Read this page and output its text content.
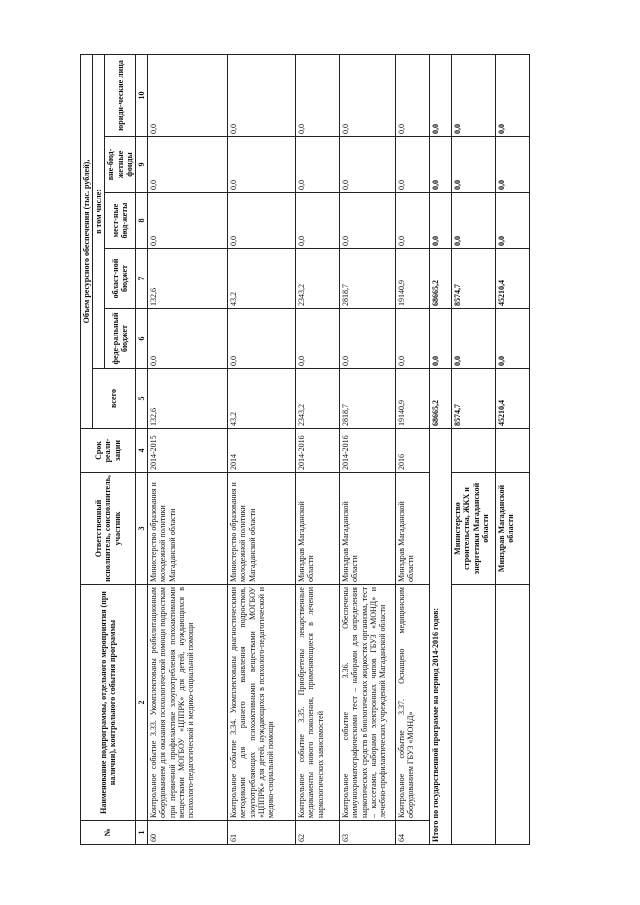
№	Наименование подпрограммы, отдельного мероприятия (при наличии), контрольного события программы	Ответственный исполнитель, соисполнитель, участник	Срок реали-зации	Объем ресурсного обеспечения (тыс. рублей),					
				всего	в том числе:				
					феде-ральный бюджет	област-ной бюджет	мест-ные бюд-жеты	вне-бюд-жетные фонды	юриди-ческие лица
1	2	3	4	5	6	7	8	9	10
60	Контрольное событие 3.33. Укомплектованы реабилитационным оборудованием для оказания психологической помощи подросткам при первичной профилактике злоупотребления психоактивными веществами МОГБОУ «ЦППРК» для детей, нуждающихся в психолого-педагогической и медико-социальной помощи	Министерство образования и молодежной политики Магаданской области	2014-2015	132,6	0,0	132,6	0,0	0,0	0,0
61	Контрольное событие 3.34. Укомплектованы диагностическими методиками для раннего выявления подростков, злоупотребляющих психоактивными веществами МОГБОУ «ЦППРК» для детей, нуждающихся в психолого-педагогической и медико-социальной помощи	Министерство образования и молодежной политики Магаданской области	2014	43,2	0,0	43,2	0,0	0,0	0,0
62	Контрольное событие 3.35. Приобретены лекарственные медикаменты нового поколения, применяющиеся в лечении наркологических зависимостей	Минздрав Магаданской области	2014-2016	2343,2	0,0	2343,2	0,0	0,0	0,0
63	Контрольное событие 3.36. Обеспечены иммунохроматографическими тест – наборами для определения наркотических средств в биологических жидкостях организма, тест – кассетами, наборами электронных чипов ГБУЗ «МОНД» и лечебно-профилактических учреждений Магаданской области	Минздрав Магаданской области	2014-2016	2818,7	0,0	2818,7	0,0	0,0	0,0
64	Контрольное событие 3.37. Оснащено медицинским оборудованием ГБУЗ «МОНД»	Минздрав Магаданской области	2016	19140,9	0,0	19140,9	0,0	0,0	0,0
Итого по государственной программе на период 2014-2016 годов:				68665,2	0,0	68665,2	0,0	0,0	0,0
		Министерство строительства, ЖКХ и энергетики Магаданской области		8574,7	0,0	8574,7	0,0	0,0	0,0
		Минздрав Магаданской области		45210,4	0,0	45210,4	0,0	0,0	0,0
